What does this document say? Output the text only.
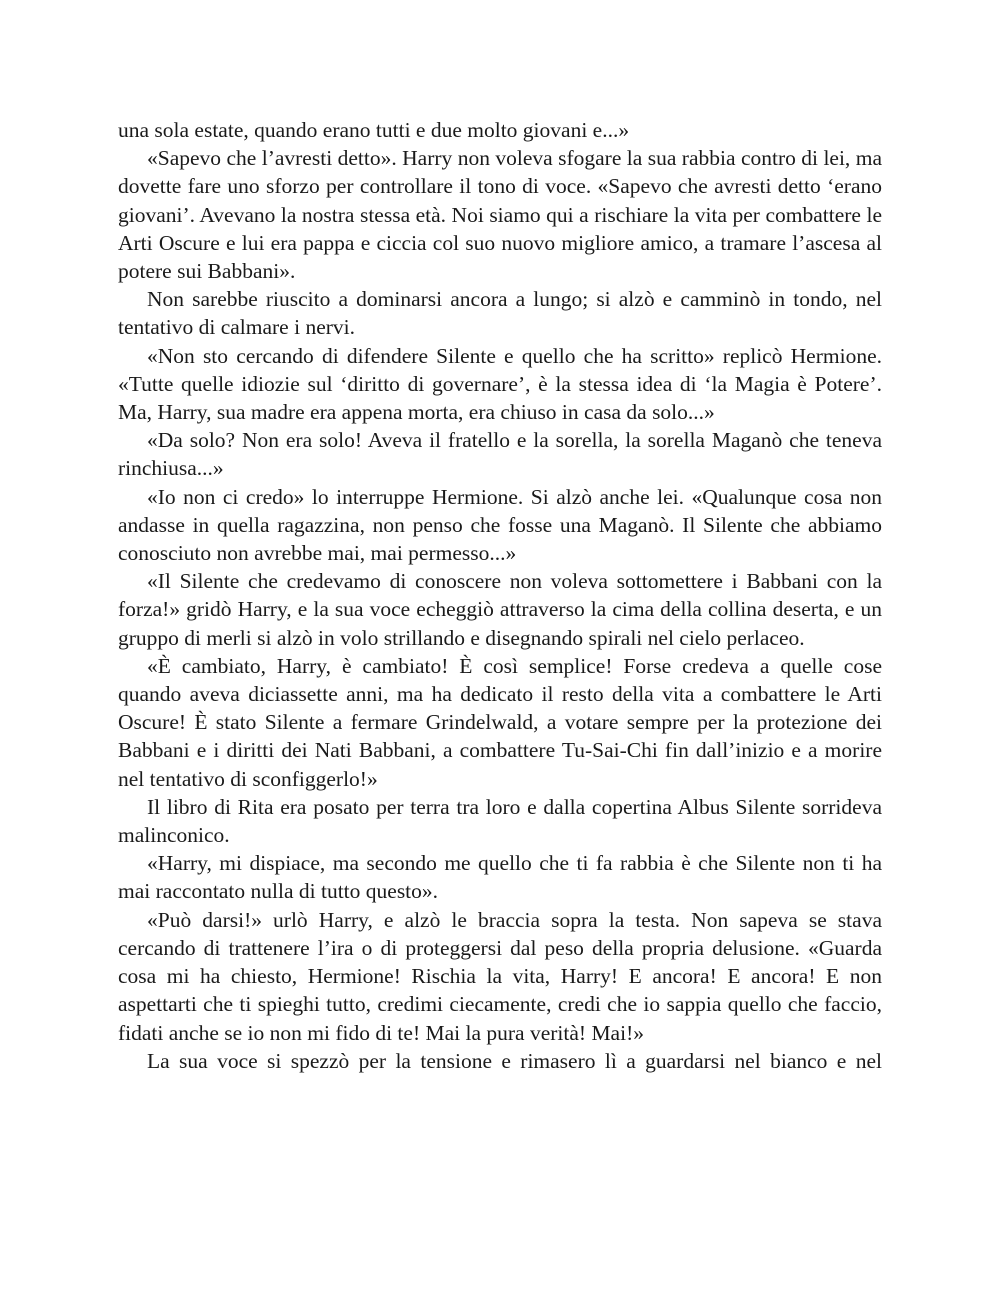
una sola estate, quando erano tutti e due molto giovani e...»

«Sapevo che l’avresti detto». Harry non voleva sfogare la sua rabbia contro di lei, ma dovette fare uno sforzo per controllare il tono di voce. «Sapevo che avresti detto ‘erano giovani’. Avevano la nostra stessa età. Noi siamo qui a rischiare la vita per combattere le Arti Oscure e lui era pappa e ciccia col suo nuovo migliore amico, a tramare l’ascesa al potere sui Babbani».

Non sarebbe riuscito a dominarsi ancora a lungo; si alzò e camminò in tondo, nel tentativo di calmare i nervi.

«Non sto cercando di difendere Silente e quello che ha scritto» replicò Hermione. «Tutte quelle idiozie sul ‘diritto di governare’, è la stessa idea di ‘la Magia è Potere’. Ma, Harry, sua madre era appena morta, era chiuso in casa da solo...»

«Da solo? Non era solo! Aveva il fratello e la sorella, la sorella Maganò che teneva rinchiusa...»

«Io non ci credo» lo interruppe Hermione. Si alzò anche lei. «Qualunque cosa non andasse in quella ragazzina, non penso che fosse una Maganò. Il Silente che abbiamo conosciuto non avrebbe mai, mai permesso...»

«Il Silente che credevamo di conoscere non voleva sottomettere i Babbani con la forza!» gridò Harry, e la sua voce echeggiò attraverso la cima della collina deserta, e un gruppo di merli si alzò in volo strillando e disegnando spirali nel cielo perlaceo.

«È cambiato, Harry, è cambiato! È così semplice! Forse credeva a quelle cose quando aveva diciassette anni, ma ha dedicato il resto della vita a combattere le Arti Oscure! È stato Silente a fermare Grindelwald, a votare sempre per la protezione dei Babbani e i diritti dei Nati Babbani, a combattere Tu-Sai-Chi fin dall’inizio e a morire nel tentativo di sconfiggerlo!»

Il libro di Rita era posato per terra tra loro e dalla copertina Albus Silente sorrideva malinconico.

«Harry, mi dispiace, ma secondo me quello che ti fa rabbia è che Silente non ti ha mai raccontato nulla di tutto questo».

«Può darsi!» urlò Harry, e alzò le braccia sopra la testa. Non sapeva se stava cercando di trattenere l’ira o di proteggersi dal peso della propria delusione. «Guarda cosa mi ha chiesto, Hermione! Rischia la vita, Harry! E ancora! E ancora! E non aspettarti che ti spieghi tutto, credimi ciecamente, credi che io sappia quello che faccio, fidati anche se io non mi fido di te! Mai la pura verità! Mai!»

La sua voce si spezzò per la tensione e rimasero lì a guardarsi nel bianco e nel
